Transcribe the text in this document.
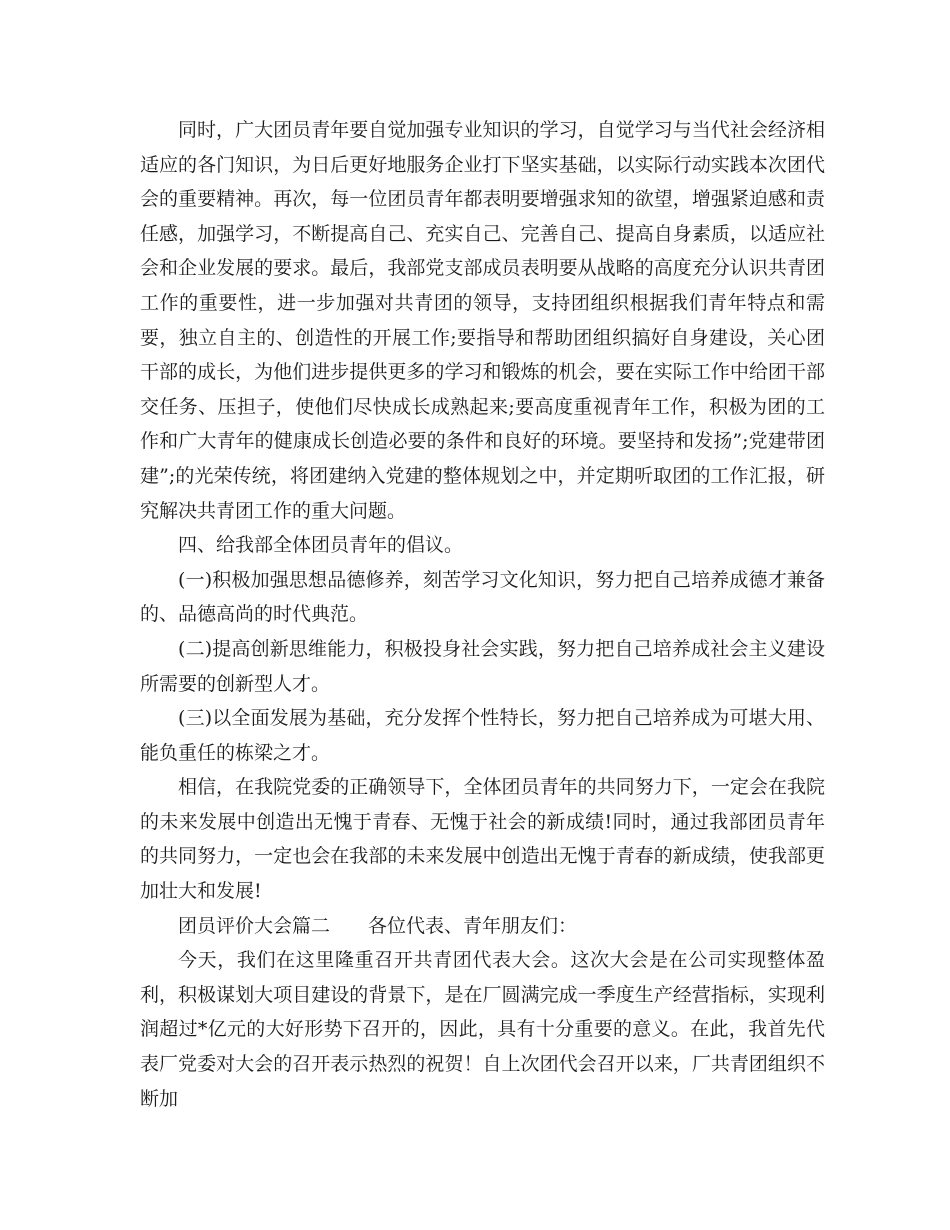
同时，广大团员青年要自觉加强专业知识的学习，自觉学习与当代社会经济相适应的各门知识，为日后更好地服务企业打下坚实基础，以实际行动实践本次团代会的重要精神。再次，每一位团员青年都表明要增强求知的欲望，增强紧迫感和责任感，加强学习，不断提高自己、充实自己、完善自己、提高自身素质，以适应社会和企业发展的要求。最后，我部党支部成员表明要从战略的高度充分认识共青团工作的重要性，进一步加强对共青团的领导，支持团组织根据我们青年特点和需要，独立自主的、创造性的开展工作;要指导和帮助团组织搞好自身建设，关心团干部的成长，为他们进步提供更多的学习和锻炼的机会，要在实际工作中给团干部交任务、压担子，使他们尽快成长成熟起来;要高度重视青年工作，积极为团的工作和广大青年的健康成长创造必要的条件和良好的环境。要坚持和发扬”;党建带团建”;的光荣传统，将团建纳入党建的整体规划之中，并定期听取团的工作汇报，研究解决共青团工作的重大问题。

四、给我部全体团员青年的倡议。

(一)积极加强思想品德修养，刻苦学习文化知识，努力把自己培养成德才兼备的、品德高尚的时代典范。

(二)提高创新思维能力，积极投身社会实践，努力把自己培养成社会主义建设所需要的创新型人才。

(三)以全面发展为基础，充分发挥个性特长，努力把自己培养成为可堪大用、能负重任的栋梁之才。

相信，在我院党委的正确领导下，全体团员青年的共同努力下，一定会在我院的未来发展中创造出无愧于青春、无愧于社会的新成绩!同时，通过我部团员青年的共同努力，一定也会在我部的未来发展中创造出无愧于青春的新成绩，使我部更加壮大和发展!

团员评价大会篇二　　各位代表、青年朋友们：

今天，我们在这里隆重召开共青团代表大会。这次大会是在公司实现整体盈利，积极谋划大项目建设的背景下，是在厂圆满完成一季度生产经营指标，实现利润超过*亿元的大好形势下召开的，因此，具有十分重要的意义。在此，我首先代表厂党委对大会的召开表示热烈的祝贺！自上次团代会召开以来，厂共青团组织不断加
